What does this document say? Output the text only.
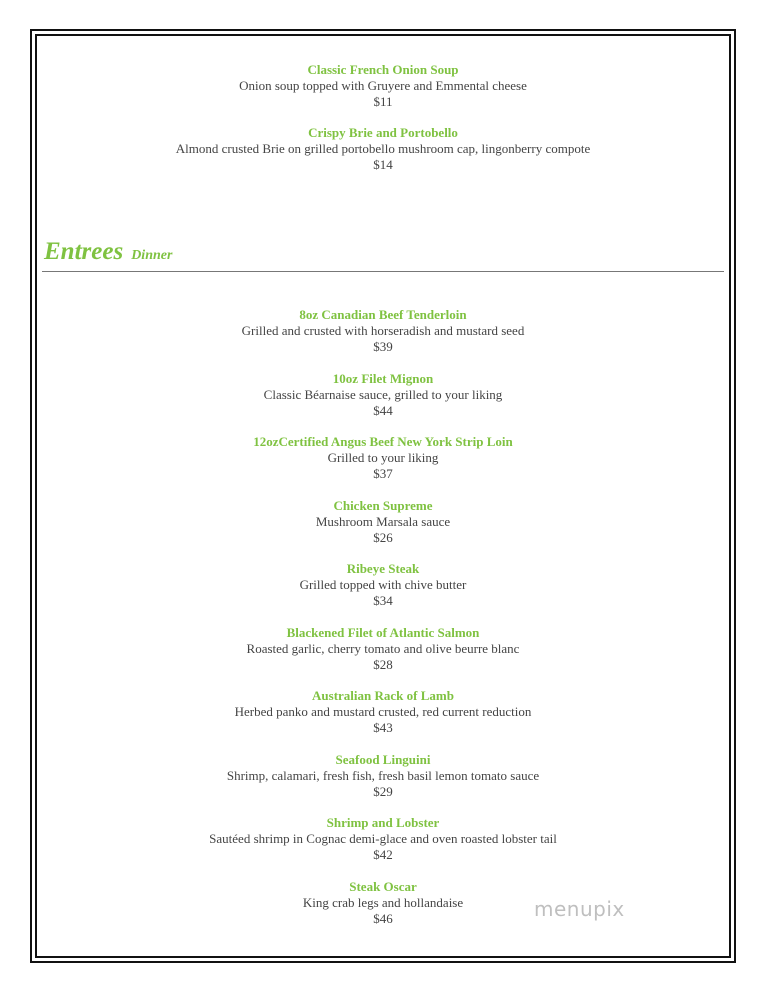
Classic French Onion Soup
Onion soup topped with Gruyere and Emmental cheese
$11
Crispy Brie and Portobello
Almond crusted Brie on grilled portobello mushroom cap, lingonberry compote
$14
Entrees Dinner
8oz Canadian Beef Tenderloin
Grilled and crusted with horseradish and mustard seed
$39
10oz Filet Mignon
Classic Béarnaise sauce, grilled to your liking
$44
12ozCertified Angus Beef New York Strip Loin
Grilled to your liking
$37
Chicken Supreme
Mushroom Marsala sauce
$26
Ribeye Steak
Grilled topped with chive butter
$34
Blackened Filet of Atlantic Salmon
Roasted garlic, cherry tomato and olive beurre blanc
$28
Australian Rack of Lamb
Herbed panko and mustard crusted, red current reduction
$43
Seafood Linguini
Shrimp, calamari, fresh fish, fresh basil lemon tomato sauce
$29
Shrimp and Lobster
Sautéed shrimp in Cognac demi-glace and oven roasted lobster tail
$42
Steak Oscar
King crab legs and hollandaise
$46	menupix
